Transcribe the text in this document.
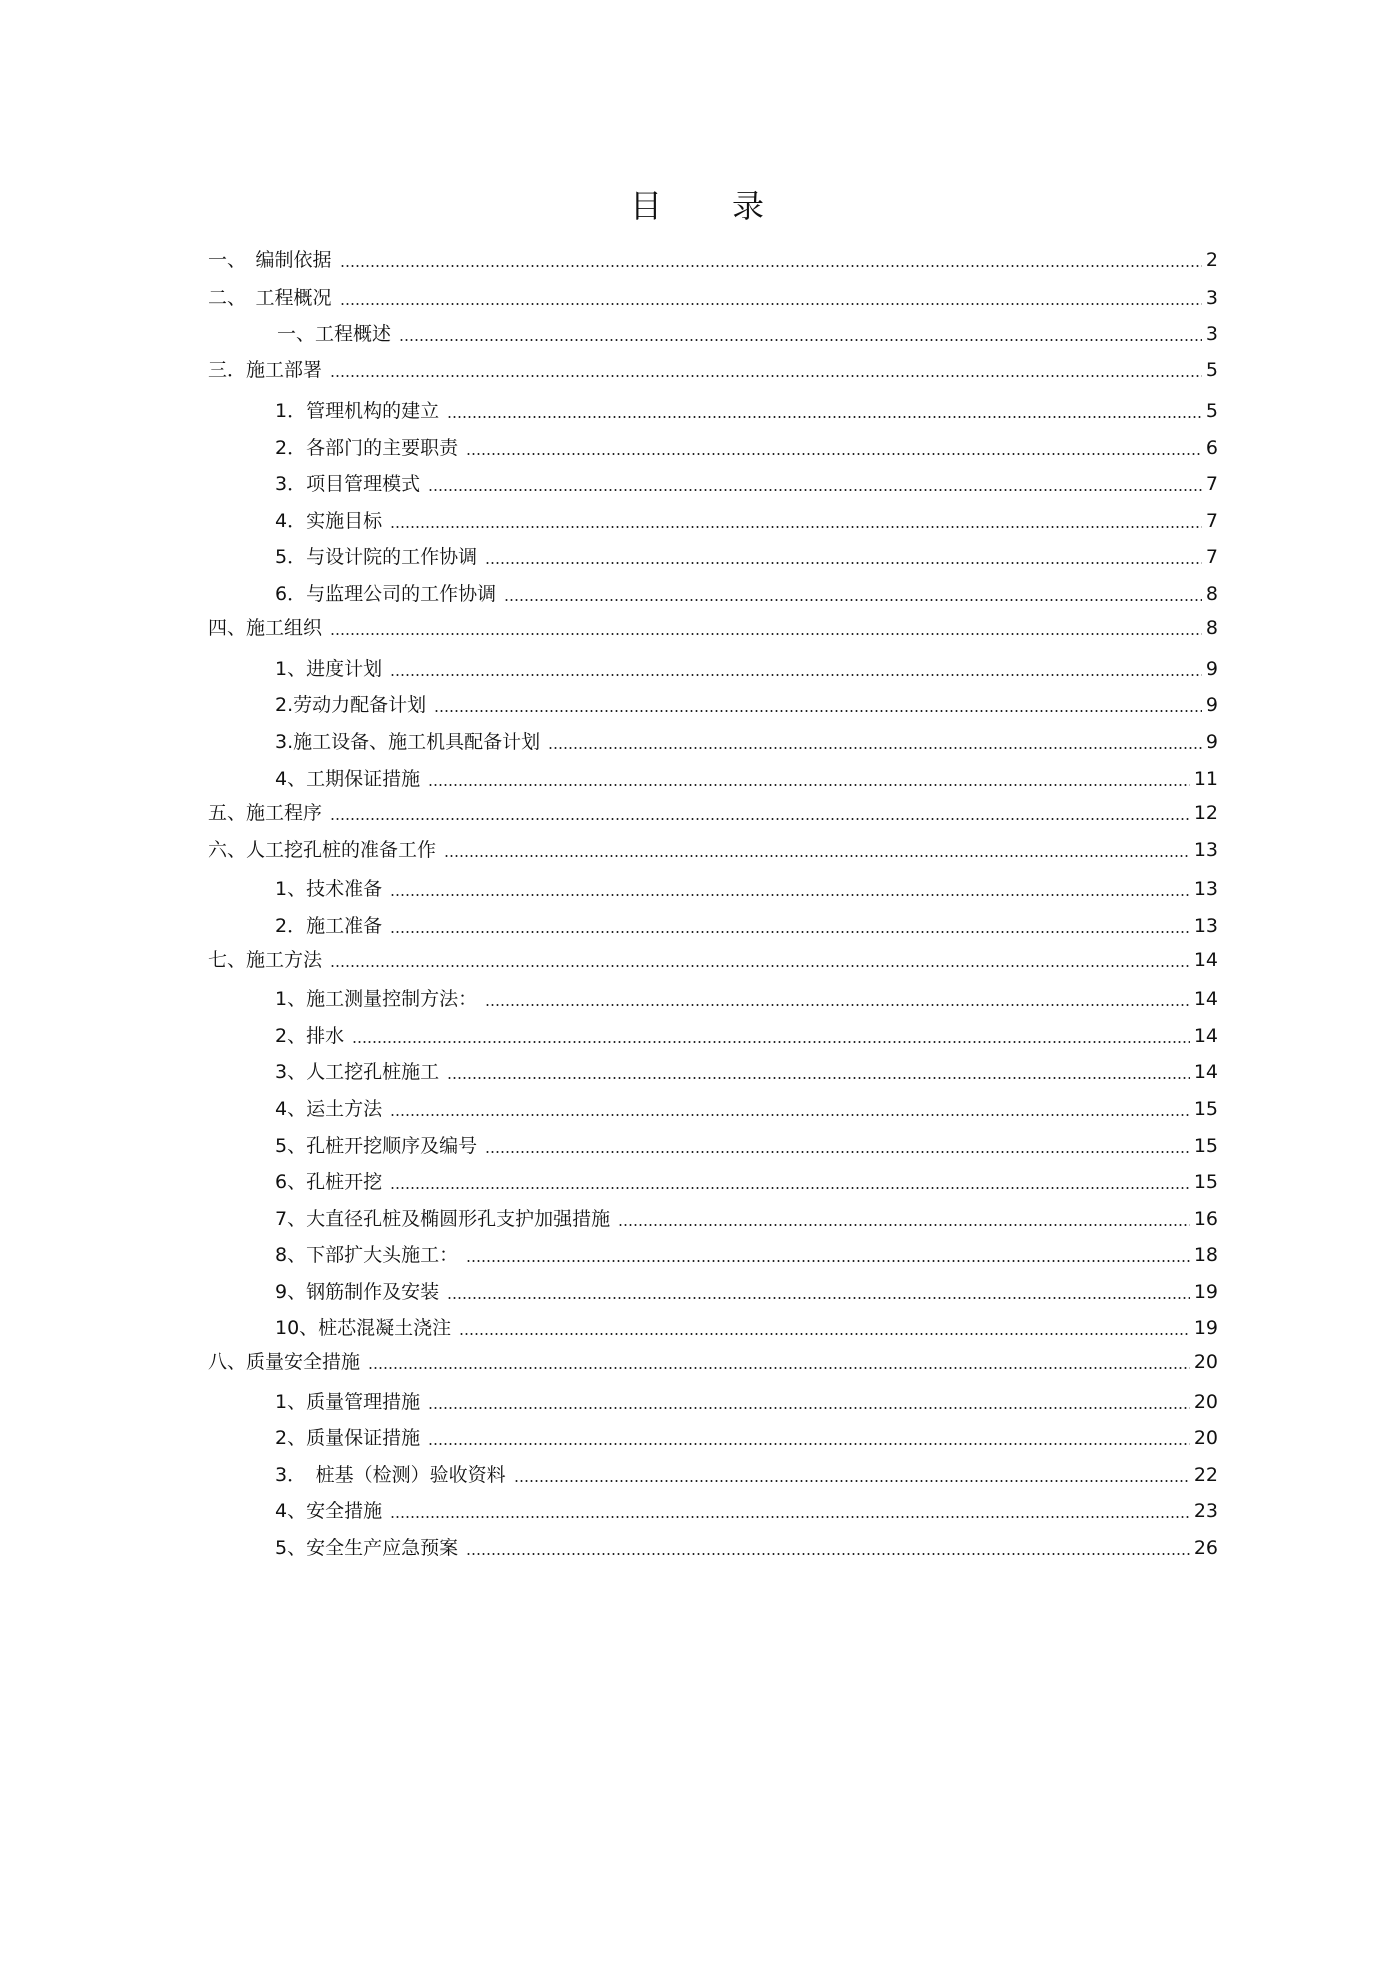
目 录
一、　编制依据	2
二、　工程概况	3
一、工程概述	3
三．施工部署	5
1．管理机构的建立	5
2．各部门的主要职责	6
3．项目管理模式	7
4．实施目标	7
5．与设计院的工作协调	7
6．与监理公司的工作协调	8
四、施工组织	8
1、进度计划	9
2.劳动力配备计划	9
3.施工设备、施工机具配备计划	9
4、工期保证措施	11
五、施工程序	12
六、人工挖孔桩的准备工作	13
1、技术准备	13
2．施工准备	13
七、施工方法	14
1、施工测量控制方法：	14
2、排水	14
3、人工挖孔桩施工	14
4、运土方法	15
5、孔桩开挖顺序及编号	15
6、孔桩开挖	15
7、大直径孔桩及椭圆形孔支护加强措施	16
8、下部扩大头施工：	18
9、钢筋制作及安装	19
10、桩芯混凝土浇注	19
八、质量安全措施	20
1、质量管理措施	20
2、质量保证措施	20
3．　桩基（检测）验收资料	22
4、安全措施	23
5、安全生产应急预案	26
